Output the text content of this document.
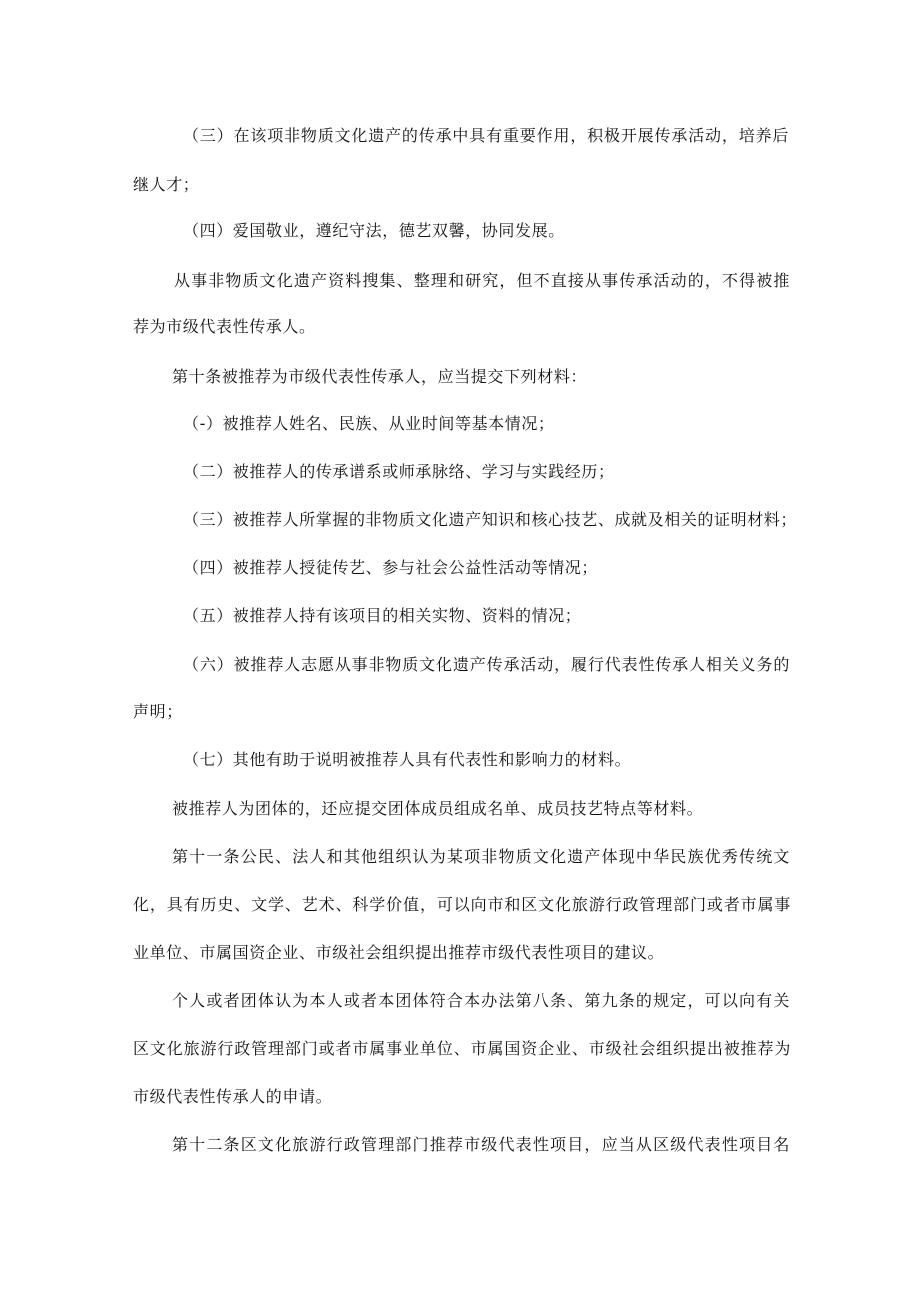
（三）在该项非物质文化遗产的传承中具有重要作用，积极开展传承活动，培养后
继人才；
（四）爱国敬业，遵纪守法，德艺双馨，协同发展。
从事非物质文化遗产资料搜集、整理和研究，但不直接从事传承活动的，不得被推
荐为市级代表性传承人。
第十条被推荐为市级代表性传承人，应当提交下列材料：
（-）被推荐人姓名、民族、从业时间等基本情况；
（二）被推荐人的传承谱系或师承脉络、学习与实践经历；
（三）被推荐人所掌握的非物质文化遗产知识和核心技艺、成就及相关的证明材料；
（四）被推荐人授徒传艺、参与社会公益性活动等情况；
（五）被推荐人持有该项目的相关实物、资料的情况；
（六）被推荐人志愿从事非物质文化遗产传承活动，履行代表性传承人相关义务的
声明；
（七）其他有助于说明被推荐人具有代表性和影响力的材料。
被推荐人为团体的，还应提交团体成员组成名单、成员技艺特点等材料。
第十一条公民、法人和其他组织认为某项非物质文化遗产体现中华民族优秀传统文
化，具有历史、文学、艺术、科学价值，可以向市和区文化旅游行政管理部门或者市属事
业单位、市属国资企业、市级社会组织提出推荐市级代表性项目的建议。
个人或者团体认为本人或者本团体符合本办法第八条、第九条的规定，可以向有关
区文化旅游行政管理部门或者市属事业单位、市属国资企业、市级社会组织提出被推荐为
市级代表性传承人的申请。
第十二条区文化旅游行政管理部门推荐市级代表性项目，应当从区级代表性项目名
